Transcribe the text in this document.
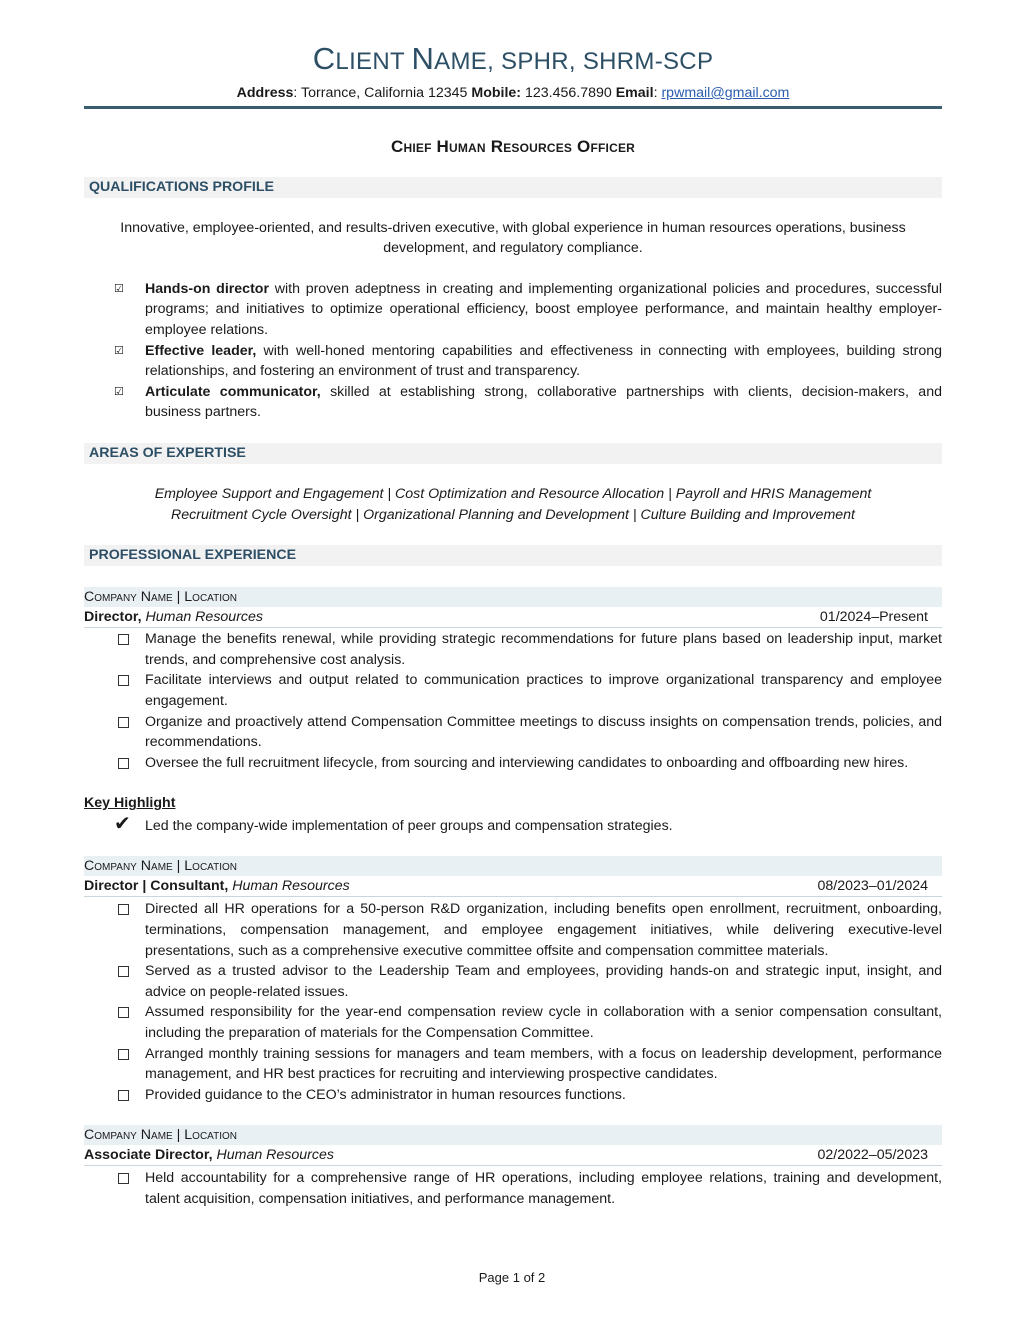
CLIENT NAME, SPHR, SHRM-SCP
Address: Torrance, California 12345 Mobile: 123.456.7890 Email: rpwmail@gmail.com
Chief Human Resources Officer
QUALIFICATIONS PROFILE
Innovative, employee-oriented, and results-driven executive, with global experience in human resources operations, business development, and regulatory compliance.
☑ Hands-on director with proven adeptness in creating and implementing organizational policies and procedures, successful programs; and initiatives to optimize operational efficiency, boost employee performance, and maintain healthy employer-employee relations.
☑ Effective leader, with well-honed mentoring capabilities and effectiveness in connecting with employees, building strong relationships, and fostering an environment of trust and transparency.
☑ Articulate communicator, skilled at establishing strong, collaborative partnerships with clients, decision-makers, and business partners.
AREAS OF EXPERTISE
Employee Support and Engagement | Cost Optimization and Resource Allocation | Payroll and HRIS Management
Recruitment Cycle Oversight | Organizational Planning and Development | Culture Building and Improvement
PROFESSIONAL EXPERIENCE
Company Name | Location
Director, Human Resources	01/2024–Present
Manage the benefits renewal, while providing strategic recommendations for future plans based on leadership input, market trends, and comprehensive cost analysis.
Facilitate interviews and output related to communication practices to improve organizational transparency and employee engagement.
Organize and proactively attend Compensation Committee meetings to discuss insights on compensation trends, policies, and recommendations.
Oversee the full recruitment lifecycle, from sourcing and interviewing candidates to onboarding and offboarding new hires.
Key Highlight
✔ Led the company-wide implementation of peer groups and compensation strategies.
Company Name | Location
Director | Consultant, Human Resources	08/2023–01/2024
Directed all HR operations for a 50-person R&D organization, including benefits open enrollment, recruitment, onboarding, terminations, compensation management, and employee engagement initiatives, while delivering executive-level presentations, such as a comprehensive executive committee offsite and compensation committee materials.
Served as a trusted advisor to the Leadership Team and employees, providing hands-on and strategic input, insight, and advice on people-related issues.
Assumed responsibility for the year-end compensation review cycle in collaboration with a senior compensation consultant, including the preparation of materials for the Compensation Committee.
Arranged monthly training sessions for managers and team members, with a focus on leadership development, performance management, and HR best practices for recruiting and interviewing prospective candidates.
Provided guidance to the CEO’s administrator in human resources functions.
Company Name | Location
Associate Director, Human Resources	02/2022–05/2023
Held accountability for a comprehensive range of HR operations, including employee relations, training and development, talent acquisition, compensation initiatives, and performance management.
Page 1 of 2
